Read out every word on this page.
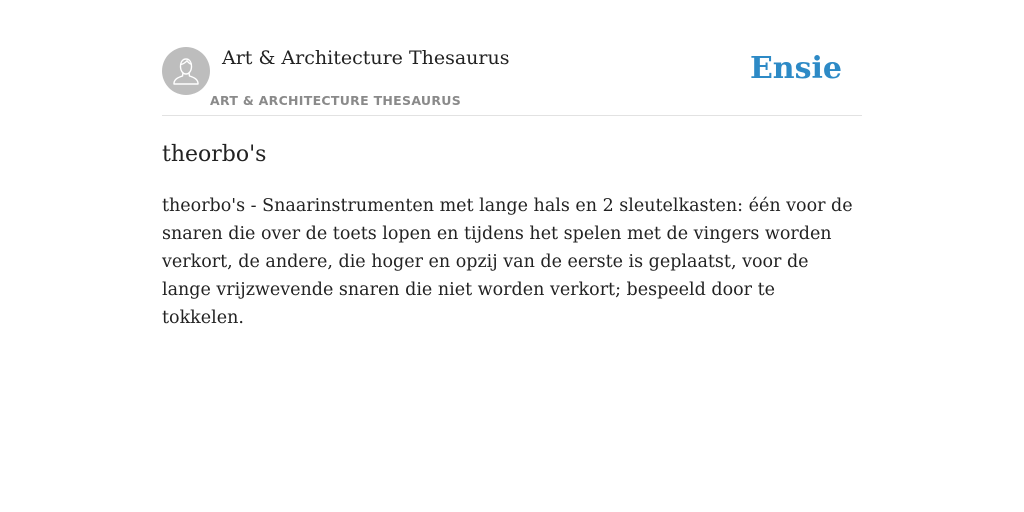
Art & Architecture Thesaurus
ART & ARCHITECTURE THESAURUS
Ensie
theorbo's

theorbo's - Snaarinstrumenten met lange hals en 2 sleutelkasten: één voor de snaren die over de toets lopen en tijdens het spelen met de vingers worden verkort, de andere, die hoger en opzij van de eerste is geplaatst, voor de lange vrijzwevende snaren die niet worden verkort; bespeeld door te tokkelen.
